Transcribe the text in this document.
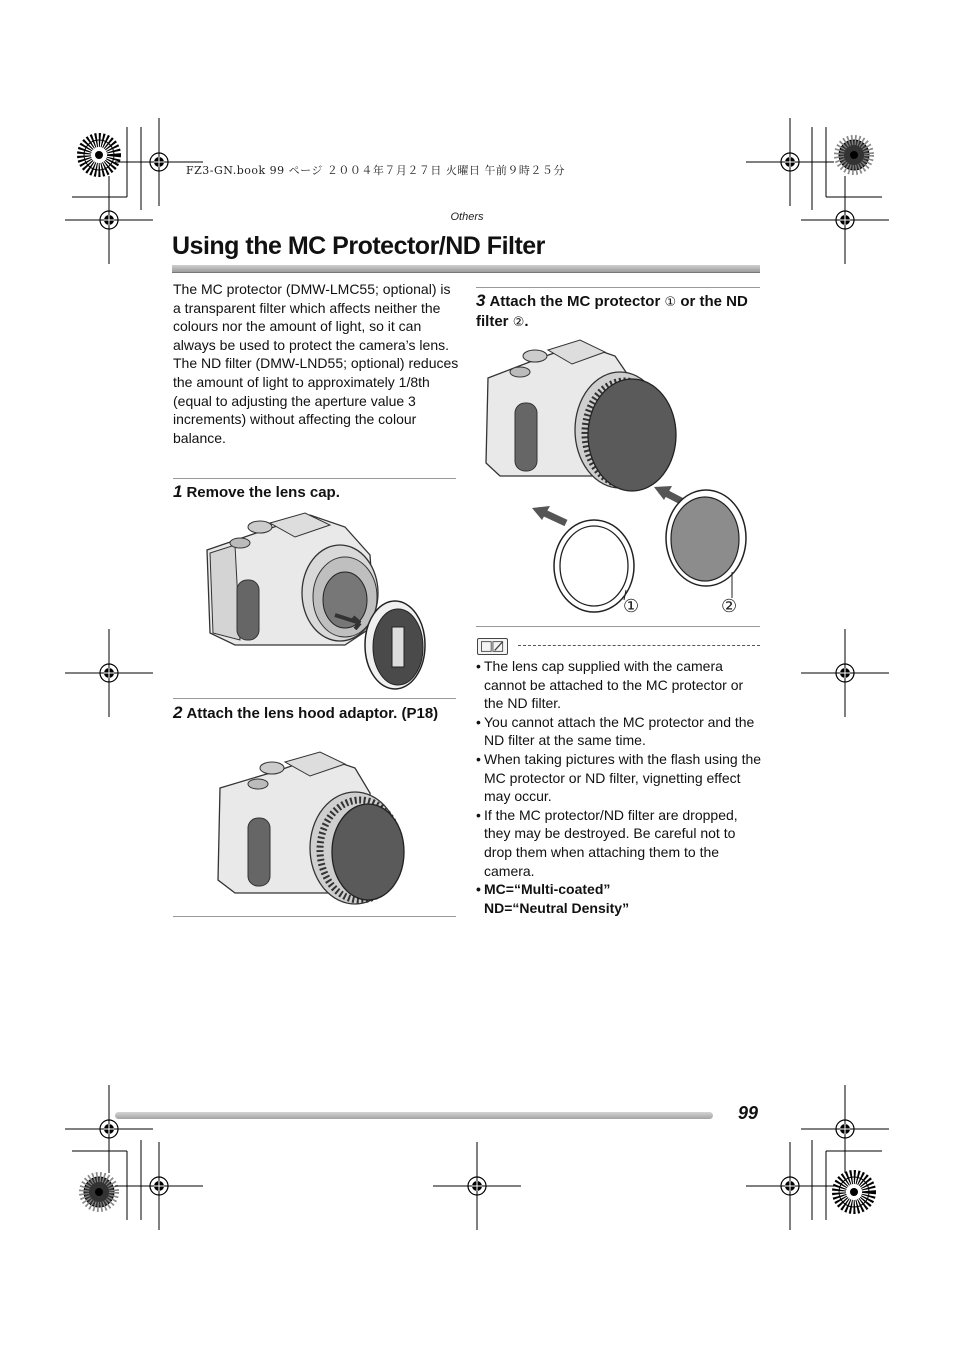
FZ3-GN.book 99 ページ ２００４年７月２７日 火曜日 午前９時２５分
Others
Using the MC Protector/ND Filter

The MC protector (DMW-LMC55; optional) is a transparent filter which affects neither the colours nor the amount of light, so it can always be used to protect the camera’s lens.

The ND filter (DMW-LND55; optional) reduces the amount of light to approximately 1/8th (equal to adjusting the aperture value 3 increments) without affecting the colour balance.

1 Remove the lens cap.
2 Attach the lens hood adaptor. (P18)
3 Attach the MC protector ① or the ND filter ②.
①	②
• The lens cap supplied with the camera cannot be attached to the MC protector or the ND filter.
• You cannot attach the MC protector and the ND filter at the same time.
• When taking pictures with the flash using the MC protector or ND filter, vignetting effect may occur.
• If the MC protector/ND filter are dropped, they may be destroyed. Be careful not to drop them when attaching them to the camera.
• MC=“Multi-coated”
ND=“Neutral Density”
99
